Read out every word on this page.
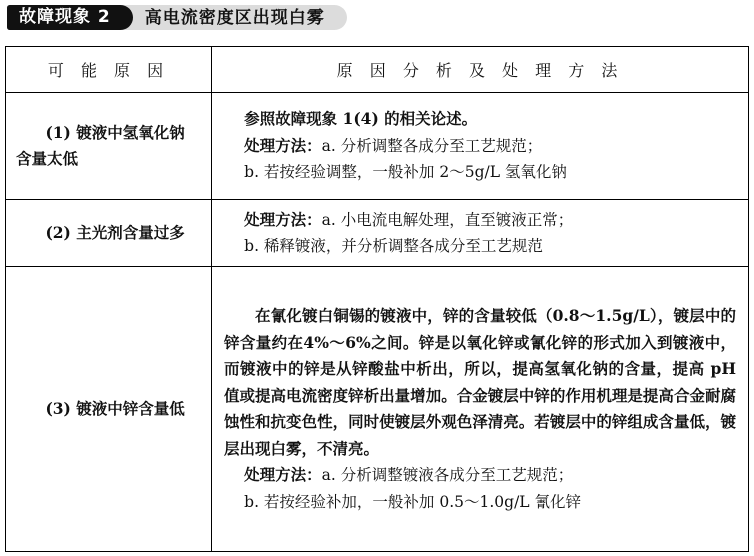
故障现象 2	高电流密度区出现白雾
可 能 原 因	原 因 分 析 及 处 理 方 法

(1) 镀液中氢氧化钠含量太低	参照故障现象 1(4) 的相关论述。
处理方法：a. 分析调整各成分至工艺规范；
b. 若按经验调整，一般补加 2～5g/L 氢氧化钠

(2) 主光剂含量过多	处理方法：a. 小电流电解处理，直至镀液正常；
b. 稀释镀液，并分析调整各成分至工艺规范

(3) 镀液中锌含量低	在氰化镀白铜锡的镀液中，锌的含量较低（0.8～1.5g/L），镀层中的锌含量约在4%～6%之间。锌是以氧化锌或氰化锌的形式加入到镀液中，而镀液中的锌是从锌酸盐中析出，所以，提高氢氧化钠的含量，提高 pH 值或提高电流密度锌析出量增加。合金镀层中锌的作用机理是提高合金耐腐蚀性和抗变色性，同时使镀层外观色泽清亮。若镀层中的锌组成含量低，镀层出现白雾，不清亮。
处理方法：a. 分析调整镀液各成分至工艺规范；
b. 若按经验补加，一般补加 0.5～1.0g/L 氰化锌
